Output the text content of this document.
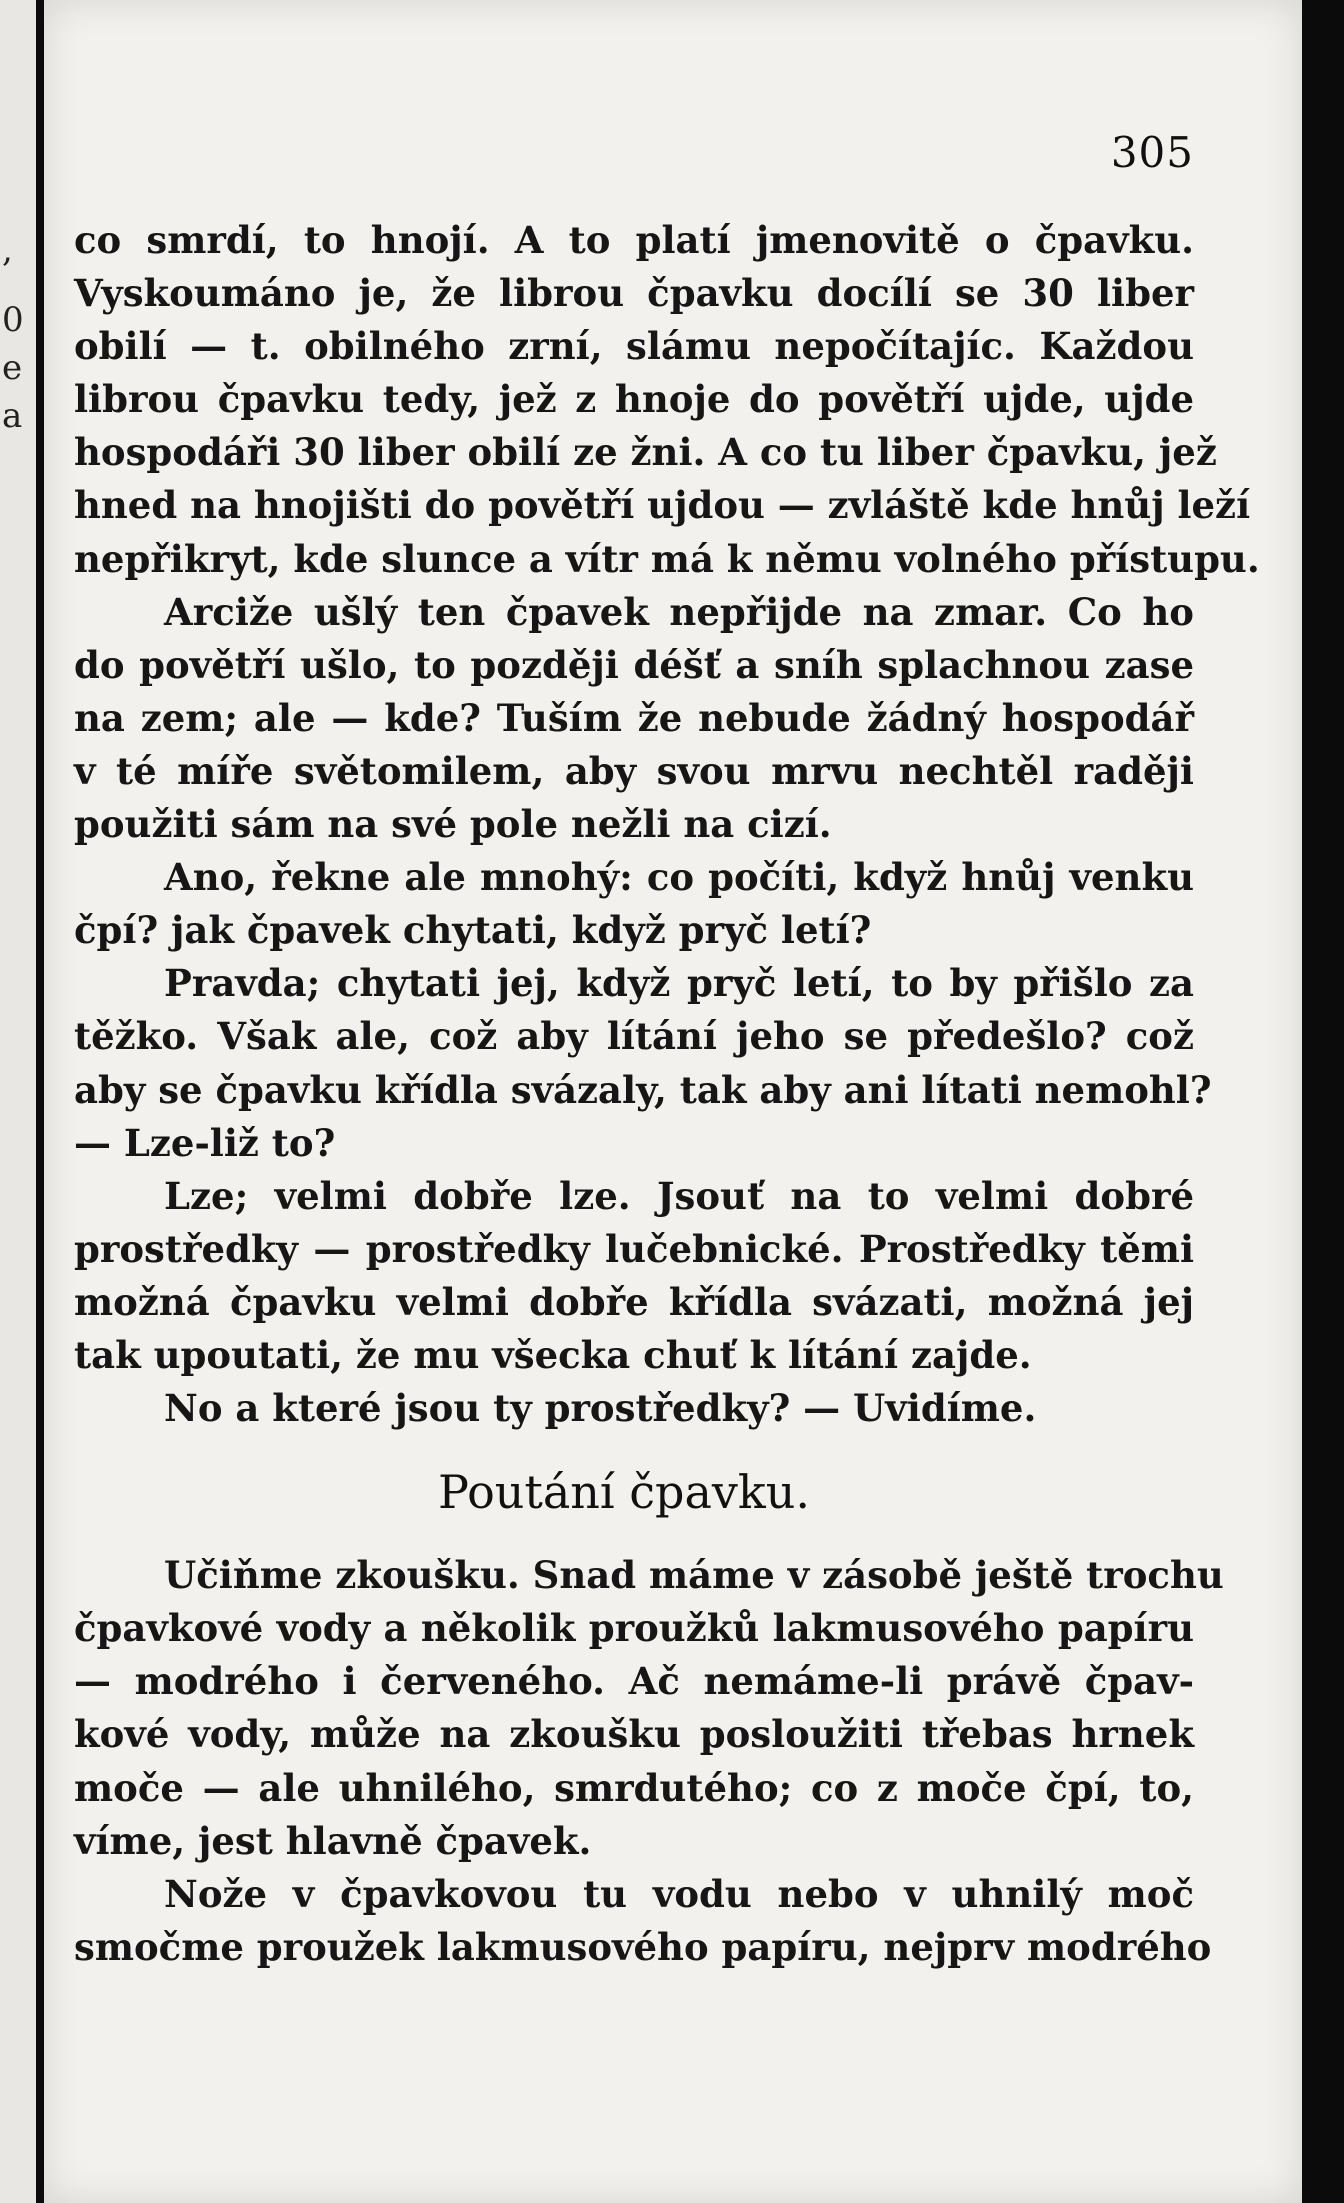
,
0
e
a
305
co smrdí, to hnojí. A to platí jmenovitě o čpavku.
Vyskoumáno je, že librou čpavku docílí se 30 liber
obilí — t. obilného zrní, slámu nepočítajíc. Každou
librou čpavku tedy, jež z hnoje do povětří ujde, ujde
hospodáři 30 liber obilí ze žni. A co tu liber čpavku, jež
hned na hnojišti do povětří ujdou — zvláště kde hnůj leží
nepřikryt, kde slunce a vítr má k němu volného přístupu.
Arciže ušlý ten čpavek nepřijde na zmar. Co ho
do povětří ušlo, to později déšť a sníh splachnou zase
na zem; ale — kde? Tuším že nebude žádný hospodář
v té míře světomilem, aby svou mrvu nechtěl raději
použiti sám na své pole nežli na cizí.
Ano, řekne ale mnohý: co počíti, když hnůj venku
čpí? jak čpavek chytati, když pryč letí?
Pravda; chytati jej, když pryč letí, to by přišlo za
těžko. Však ale, což aby lítání jeho se předešlo? což
aby se čpavku křídla svázaly, tak aby ani lítati nemohl?
— Lze-liž to?
Lze; velmi dobře lze. Jsouť na to velmi dobré
prostředky — prostředky lučebnické. Prostředky těmi
možná čpavku velmi dobře křídla svázati, možná jej
tak upoutati, že mu všecka chuť k lítání zajde.
No a které jsou ty prostředky? — Uvidíme.
Poutání čpavku.
Učiňme zkoušku. Snad máme v zásobě ještě trochu
čpavkové vody a několik proužků lakmusového papíru
— modrého i červeného. Ač nemáme-li právě čpav-
kové vody, může na zkoušku posloužiti třebas hrnek
moče — ale uhnilého, smrdutého; co z moče čpí, to,
víme, jest hlavně čpavek.
Nože v čpavkovou tu vodu nebo v uhnilý moč
smočme proužek lakmusového papíru, nejprv modrého
